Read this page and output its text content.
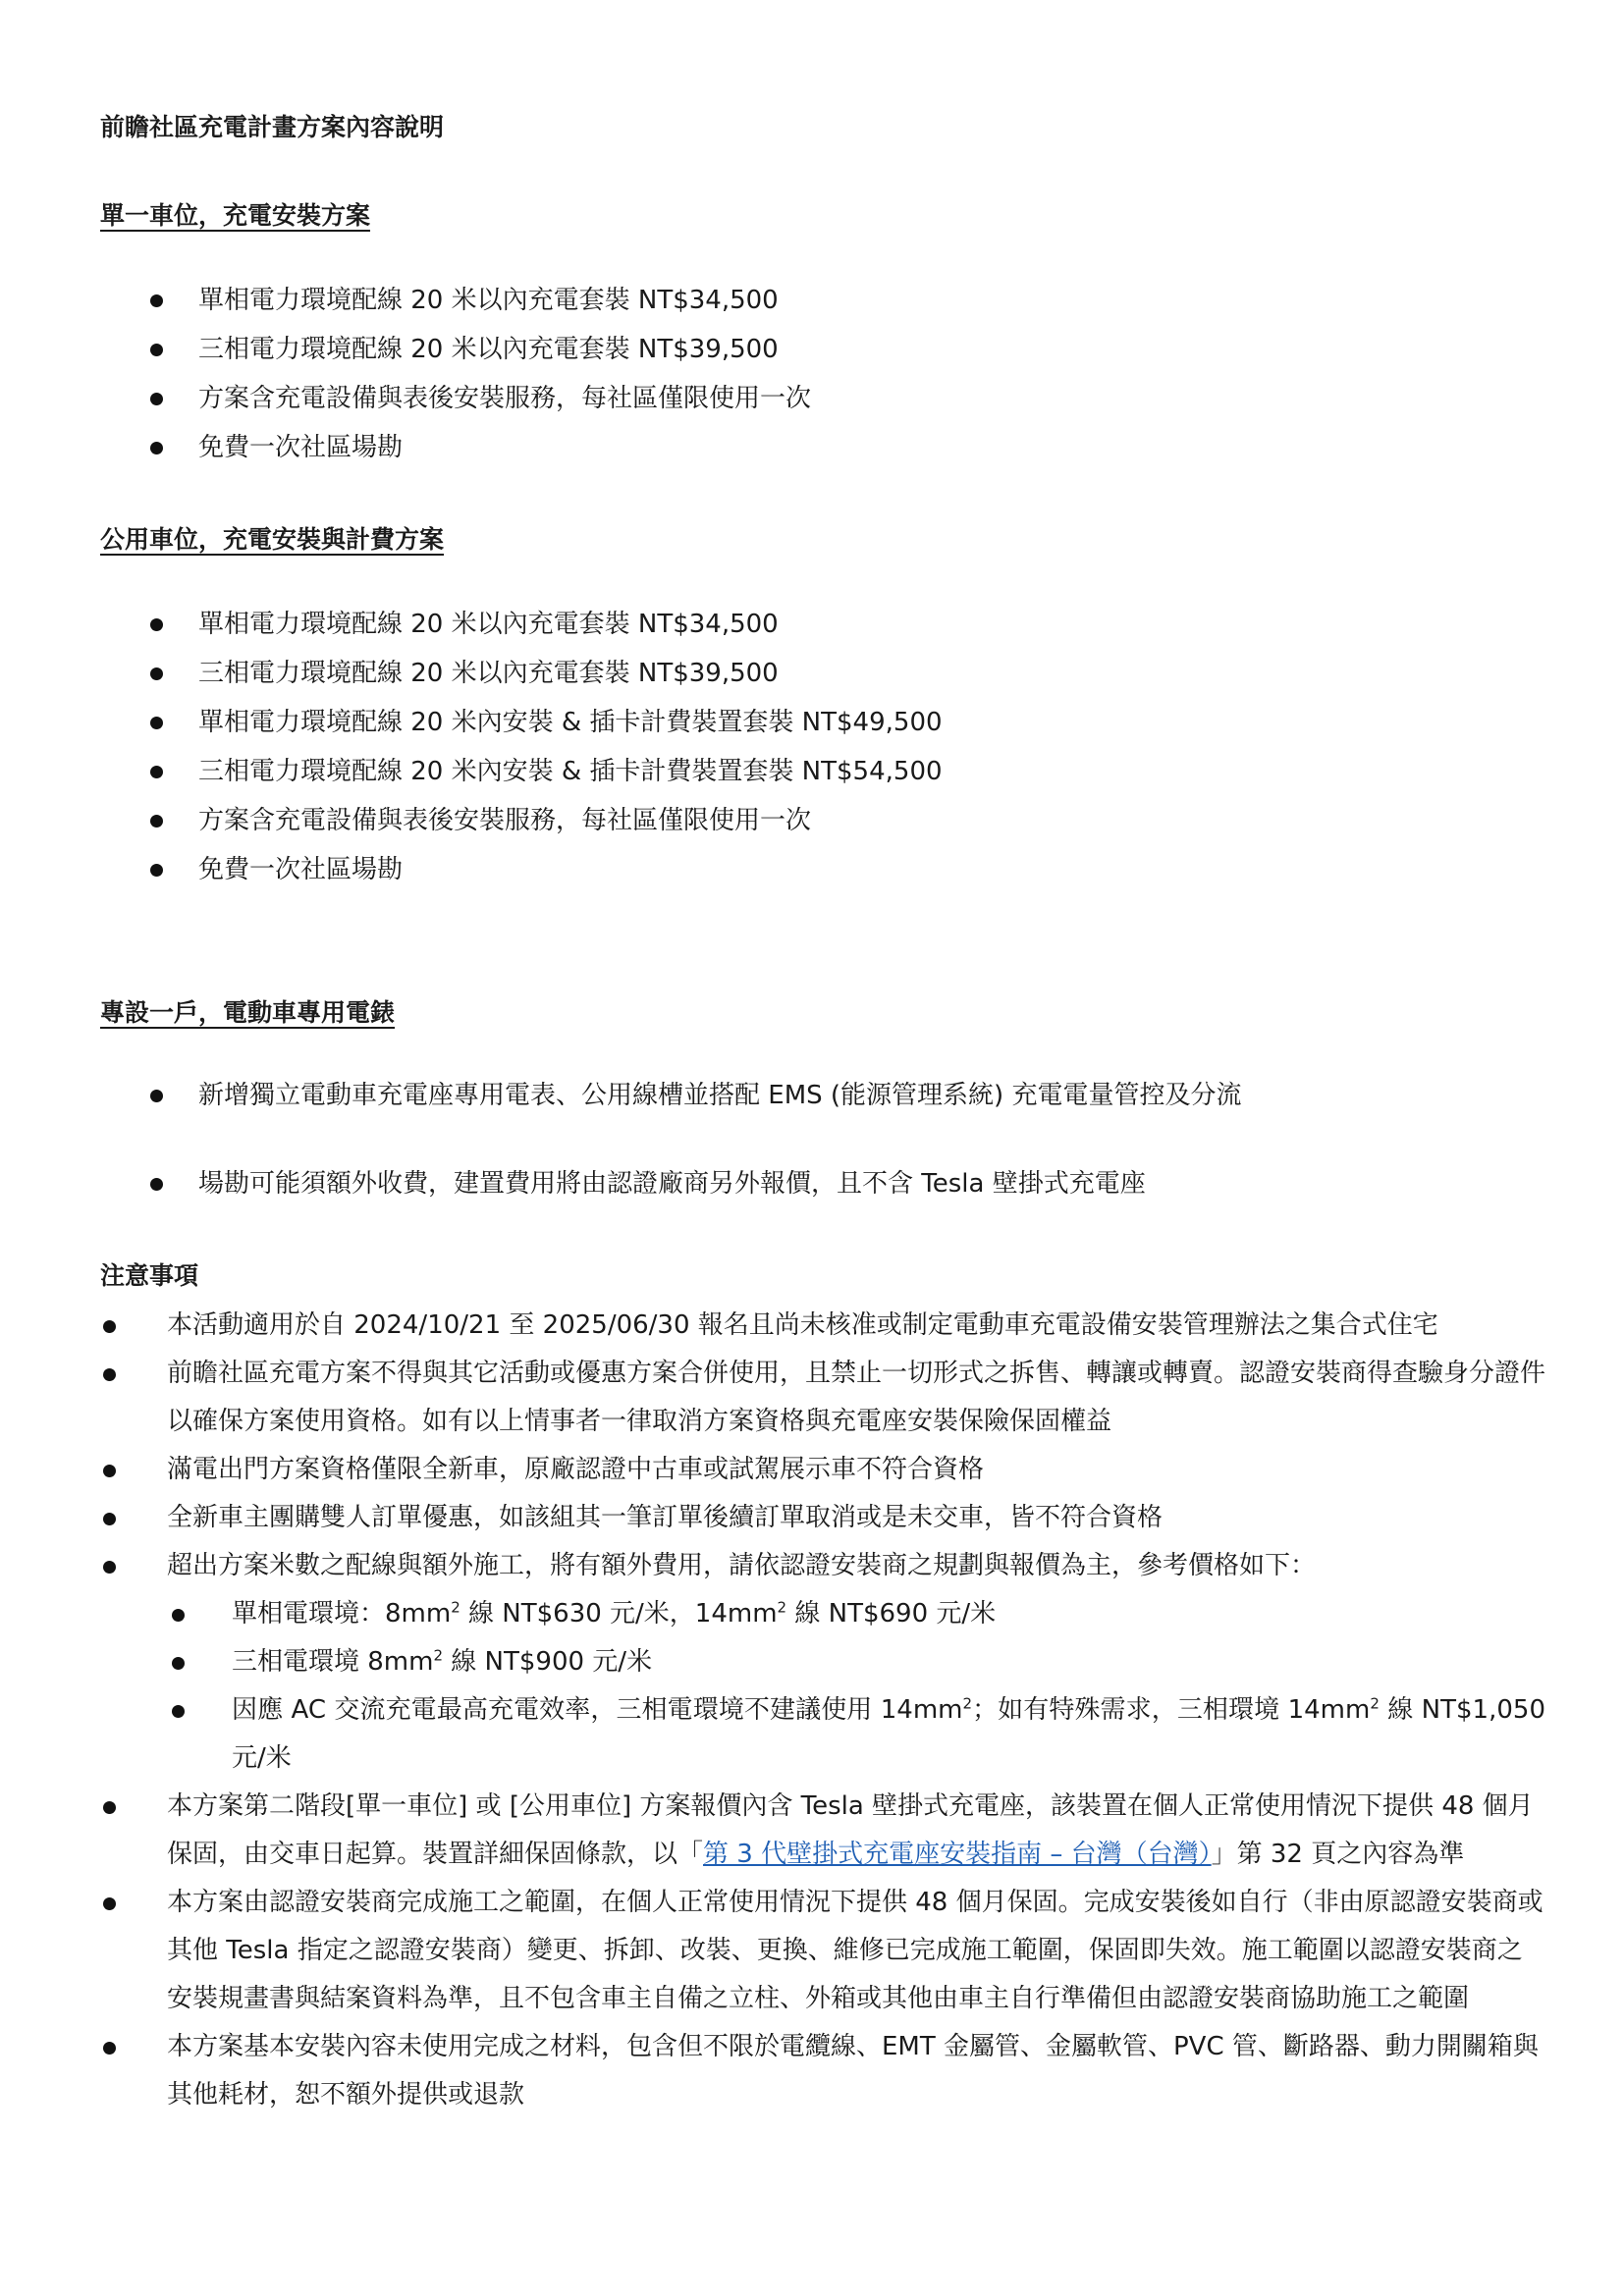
前瞻社區充電計畫方案內容說明
單一車位，充電安裝方案
單相電力環境配線 20 米以內充電套裝 NT$34,500
三相電力環境配線 20 米以內充電套裝 NT$39,500
方案含充電設備與表後安裝服務，每社區僅限使用一次
免費一次社區場勘
公用車位，充電安裝與計費方案
單相電力環境配線 20 米以內充電套裝 NT$34,500
三相電力環境配線 20 米以內充電套裝 NT$39,500
單相電力環境配線 20 米內安裝 & 插卡計費裝置套裝 NT$49,500
三相電力環境配線 20 米內安裝 & 插卡計費裝置套裝 NT$54,500
方案含充電設備與表後安裝服務，每社區僅限使用一次
免費一次社區場勘
專設一戶，電動車專用電錶
新增獨立電動車充電座專用電表、公用線槽並搭配 EMS (能源管理系統) 充電電量管控及分流
場勘可能須額外收費，建置費用將由認證廠商另外報價，且不含 Tesla 壁掛式充電座
注意事項
本活動適用於自 2024/10/21 至 2025/06/30 報名且尚未核准或制定電動車充電設備安裝管理辦法之集合式住宅
前瞻社區充電方案不得與其它活動或優惠方案合併使用，且禁止一切形式之拆售、轉讓或轉賣。認證安裝商得查驗身分證件以確保方案使用資格。如有以上情事者一律取消方案資格與充電座安裝保險保固權益
滿電出門方案資格僅限全新車，原廠認證中古車或試駕展示車不符合資格
全新車主團購雙人訂單優惠，如該組其一筆訂單後續訂單取消或是未交車，皆不符合資格
超出方案米數之配線與額外施工，將有額外費用，請依認證安裝商之規劃與報價為主，參考價格如下：
單相電環境：$8mm^2$ 線 NT$630 元/米，$14mm^2$ 線 NT$690 元/米
三相電環境 $8mm^2$ 線 NT$900 元/米
因應 AC 交流充電最高充電效率，三相電環境不建議使用 $14mm^2$；如有特殊需求，三相環境 $14mm^2$ 線 NT$1,050 元/米
本方案第二階段[單一車位] 或 [公用車位] 方案報價內含 Tesla 壁掛式充電座，該裝置在個人正常使用情況下提供 48 個月保固，由交車日起算。裝置詳細保固條款，以「第 3 代壁掛式充電座安裝指南 – 台灣（台灣）」第 32 頁之內容為準
本方案由認證安裝商完成施工之範圍，在個人正常使用情況下提供 48 個月保固。完成安裝後如自行（非由原認證安裝商或其他 Tesla 指定之認證安裝商）變更、拆卸、改裝、更換、維修已完成施工範圍，保固即失效。施工範圍以認證安裝商之安裝規畫書與結案資料為準，且不包含車主自備之立柱、外箱或其他由車主自行準備但由認證安裝商協助施工之範圍
本方案基本安裝內容未使用完成之材料，包含但不限於電纜線、EMT 金屬管、金屬軟管、PVC 管、斷路器、動力開關箱與其他耗材，恕不額外提供或退款
